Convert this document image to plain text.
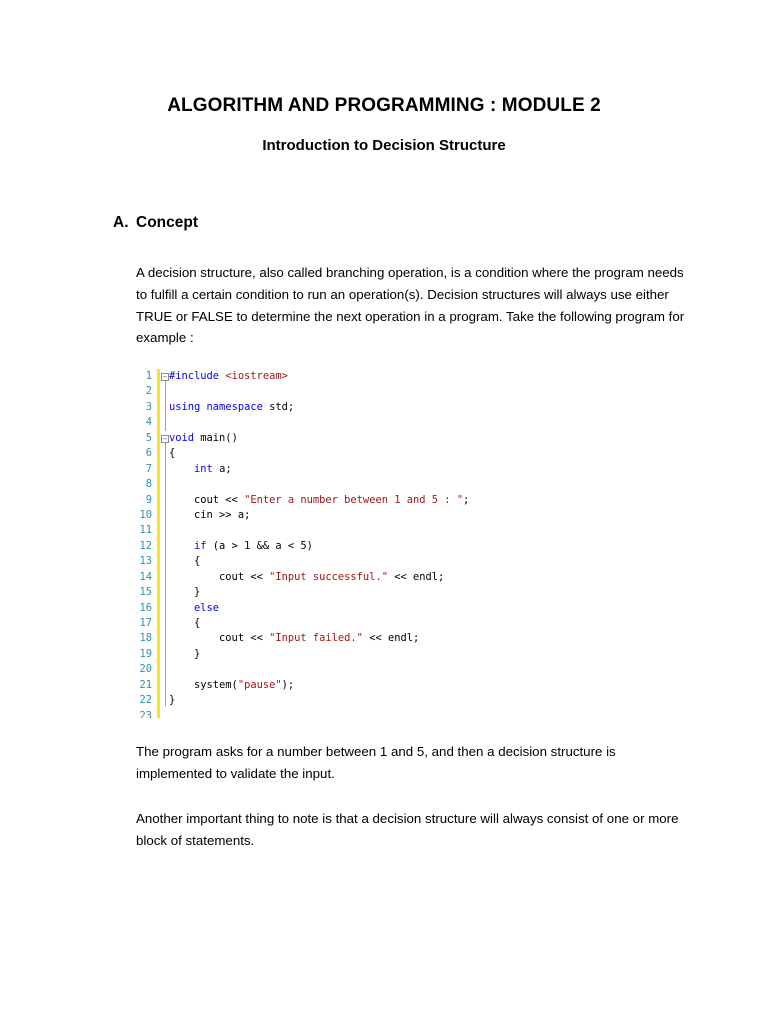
ALGORITHM AND PROGRAMMING : MODULE 2
Introduction to Decision Structure
A. Concept
A decision structure, also called branching operation, is a condition where the program needs to fulfill a certain condition to run an operation(s). Decision structures will always use either TRUE or FALSE to determine the next operation in a program. Take the following program for example :
1 − #include <iostream>
2
3 using namespace std;
4
5 − void main()
6 {
7	int a;
8
9 cout << "Enter a number between 1 and 5 : ";
10 cin >> a;
11
12	if (a > 1 && a < 5)
13 {
14 cout << "Input successful." << endl;
15 }
16	else
17 {
18 cout << "Input failed." << endl;
19 }
20
21 system("pause");
22 }
23
The program asks for a number between 1 and 5, and then a decision structure is implemented to validate the input.
Another important thing to note is that a decision structure will always consist of one or more block of statements.
